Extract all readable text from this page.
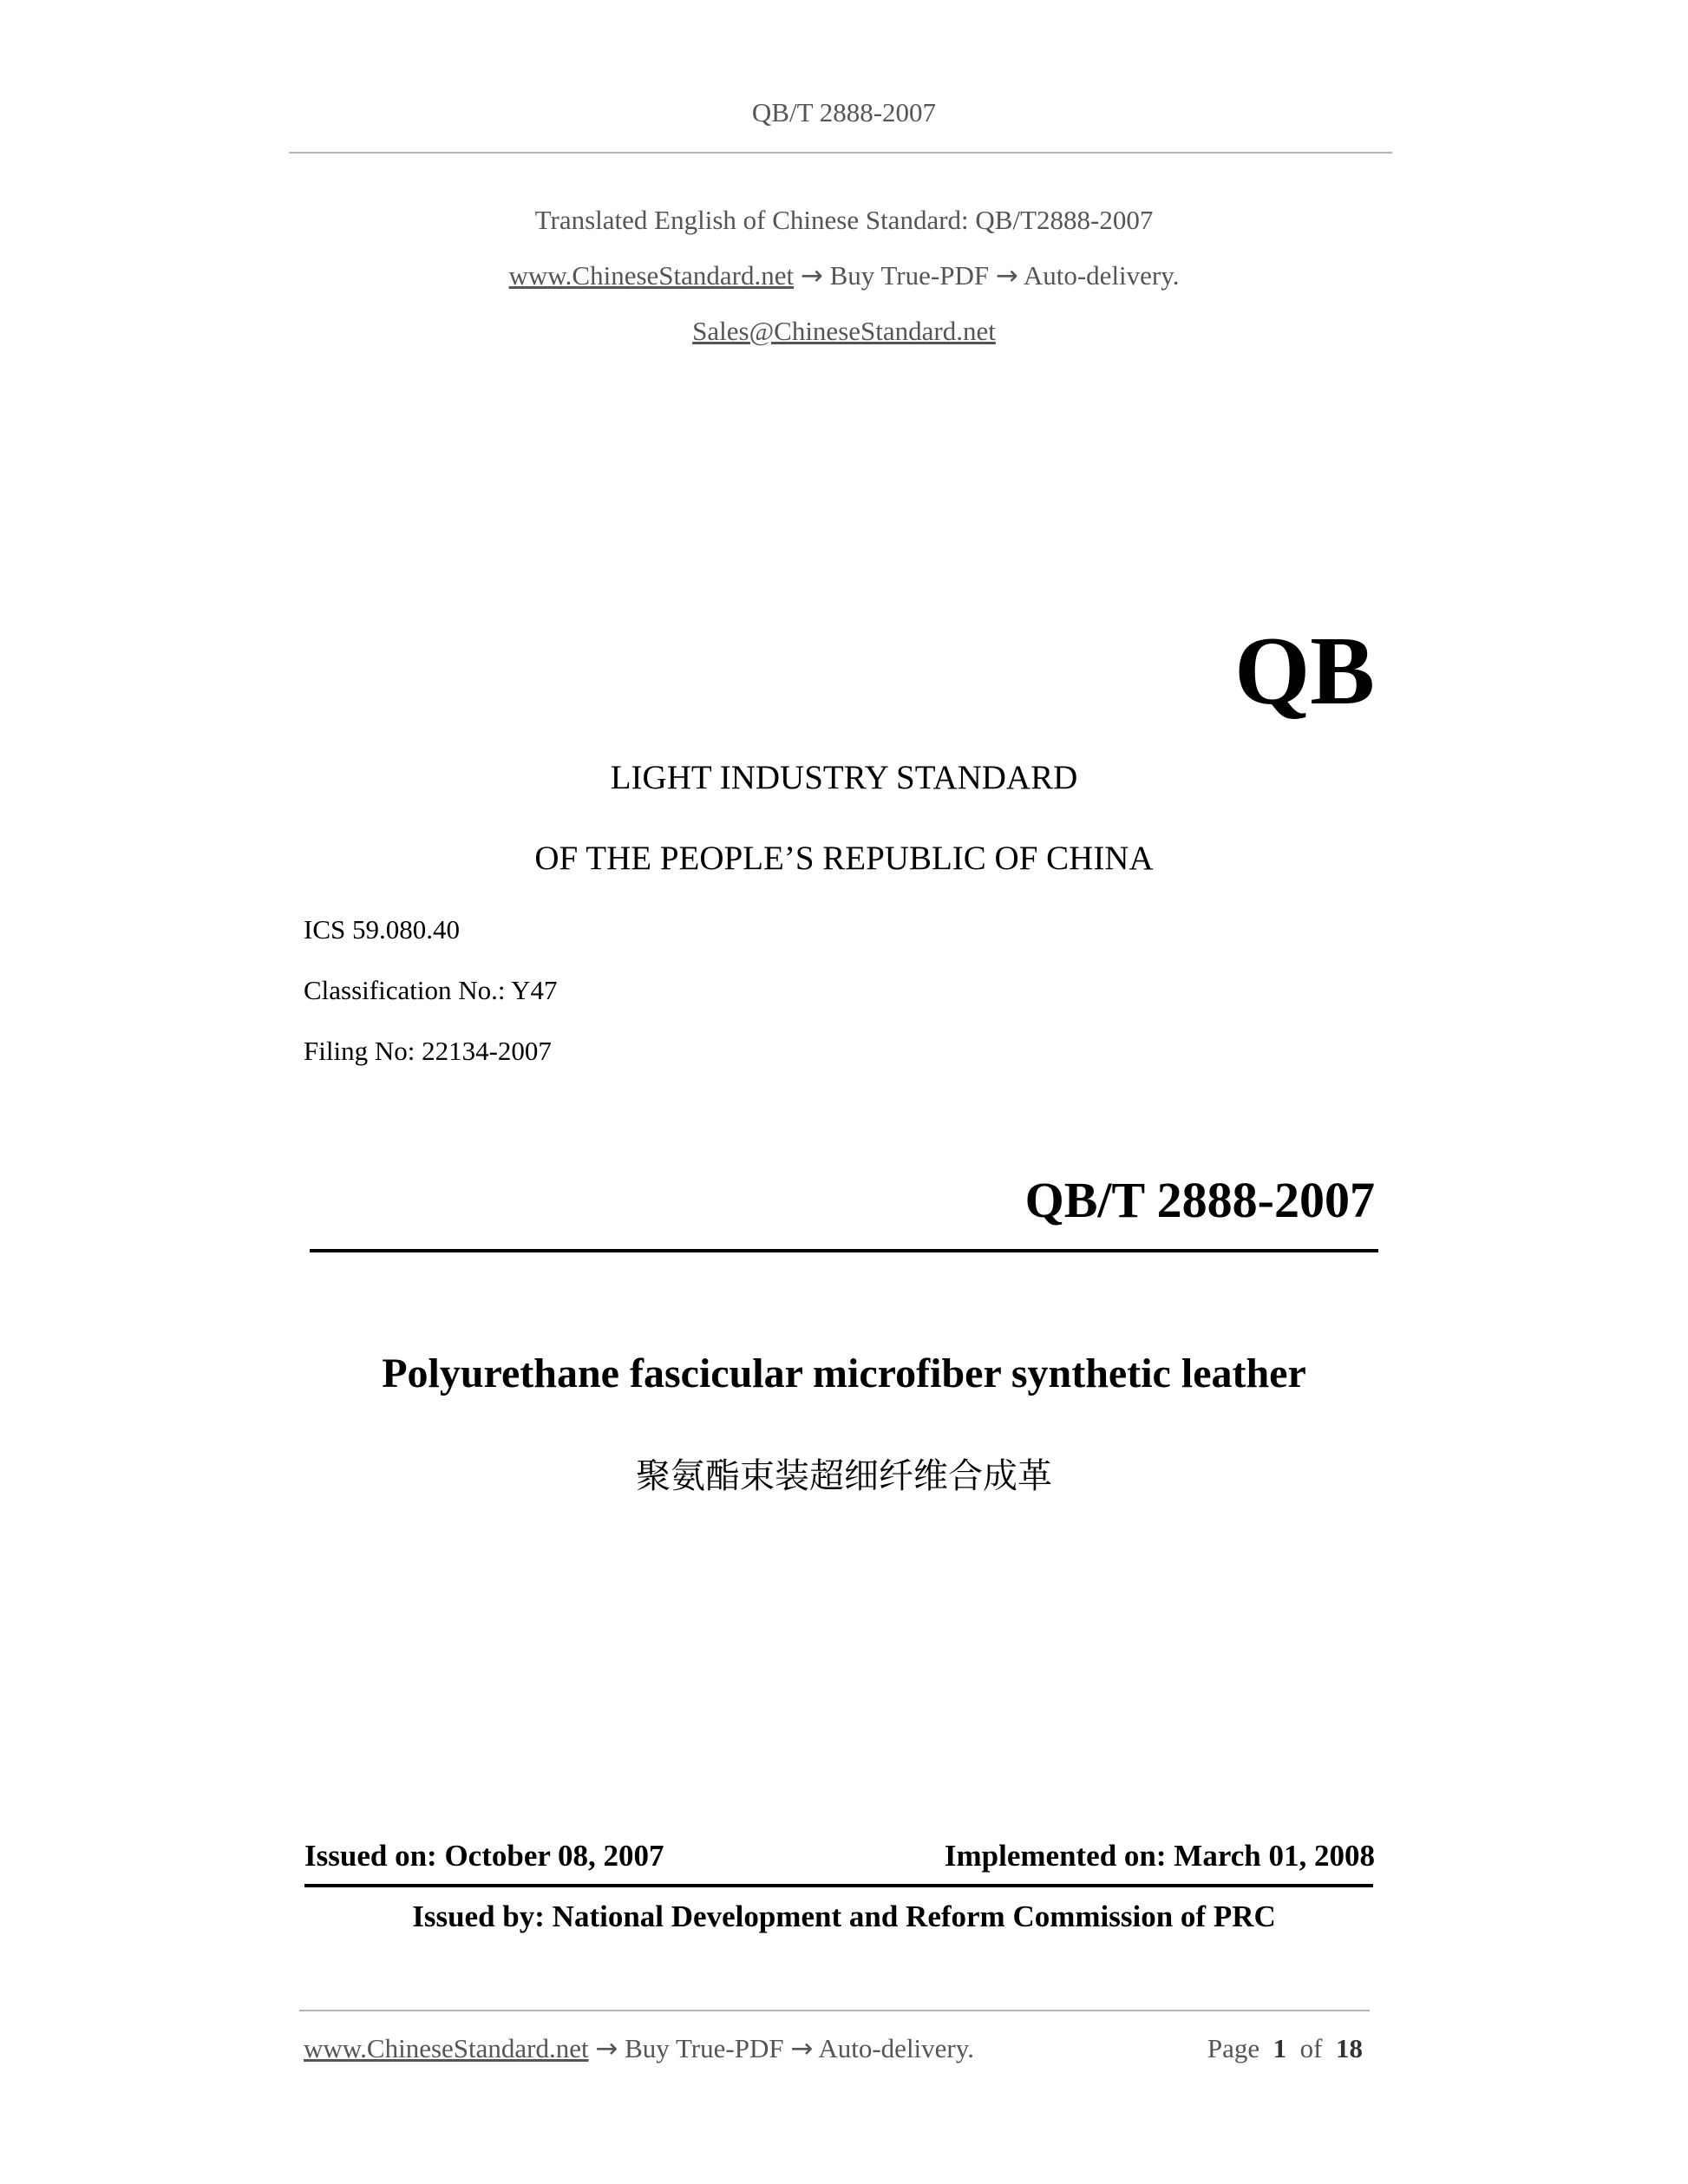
QB/T 2888-2007
Translated English of Chinese Standard: QB/T2888-2007
www.ChineseStandard.net → Buy True-PDF → Auto-delivery.
Sales@ChineseStandard.net
QB
LIGHT INDUSTRY STANDARD
OF THE PEOPLE’S REPUBLIC OF CHINA
ICS 59.080.40
Classification No.: Y47
Filing No: 22134-2007
QB/T 2888-2007
Polyurethane fascicular microfiber synthetic leather
聚氨酯束装超细纤维合成革
Issued on: October 08, 2007	Implemented on: March 01, 2008
Issued by: National Development and Reform Commission of PRC
www.ChineseStandard.net → Buy True-PDF → Auto-delivery.	Page 1 of 18
